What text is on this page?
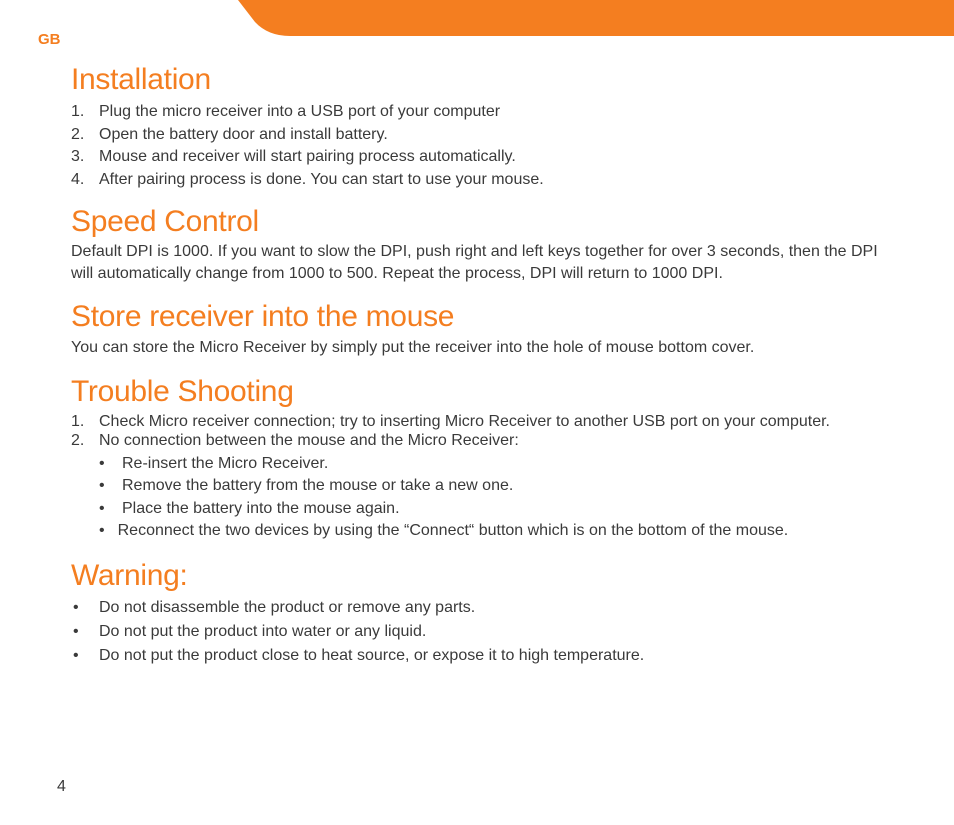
GB
Installation
1. Plug the micro receiver into a USB port of your computer
2. Open the battery door and install battery.
3. Mouse and receiver will start pairing process automatically.
4. After pairing process is done. You can start to use your mouse.
Speed Control

Default DPI is 1000. If you want to slow the DPI, push right and left keys together for over 3 seconds, then the DPI will automatically change from 1000 to 500. Repeat the process, DPI will return to 1000 DPI.

Store receiver into the mouse

You can store the Micro Receiver by simply put the receiver into the hole of mouse bottom cover.

Trouble Shooting
1. Check Micro receiver connection; try to inserting Micro Receiver to another USB port on your computer.
2. No connection between the mouse and the Micro Receiver:
• Re-insert the Micro Receiver.
• Remove the battery from the mouse or take a new one.
• Place the battery into the mouse again.
• Reconnect the two devices by using the “Connect“ button which is on the bottom of the mouse.
Warning:
• Do not disassemble the product or remove any parts.
• Do not put the product into water or any liquid.
• Do not put the product close to heat source, or expose it to high temperature.
4
